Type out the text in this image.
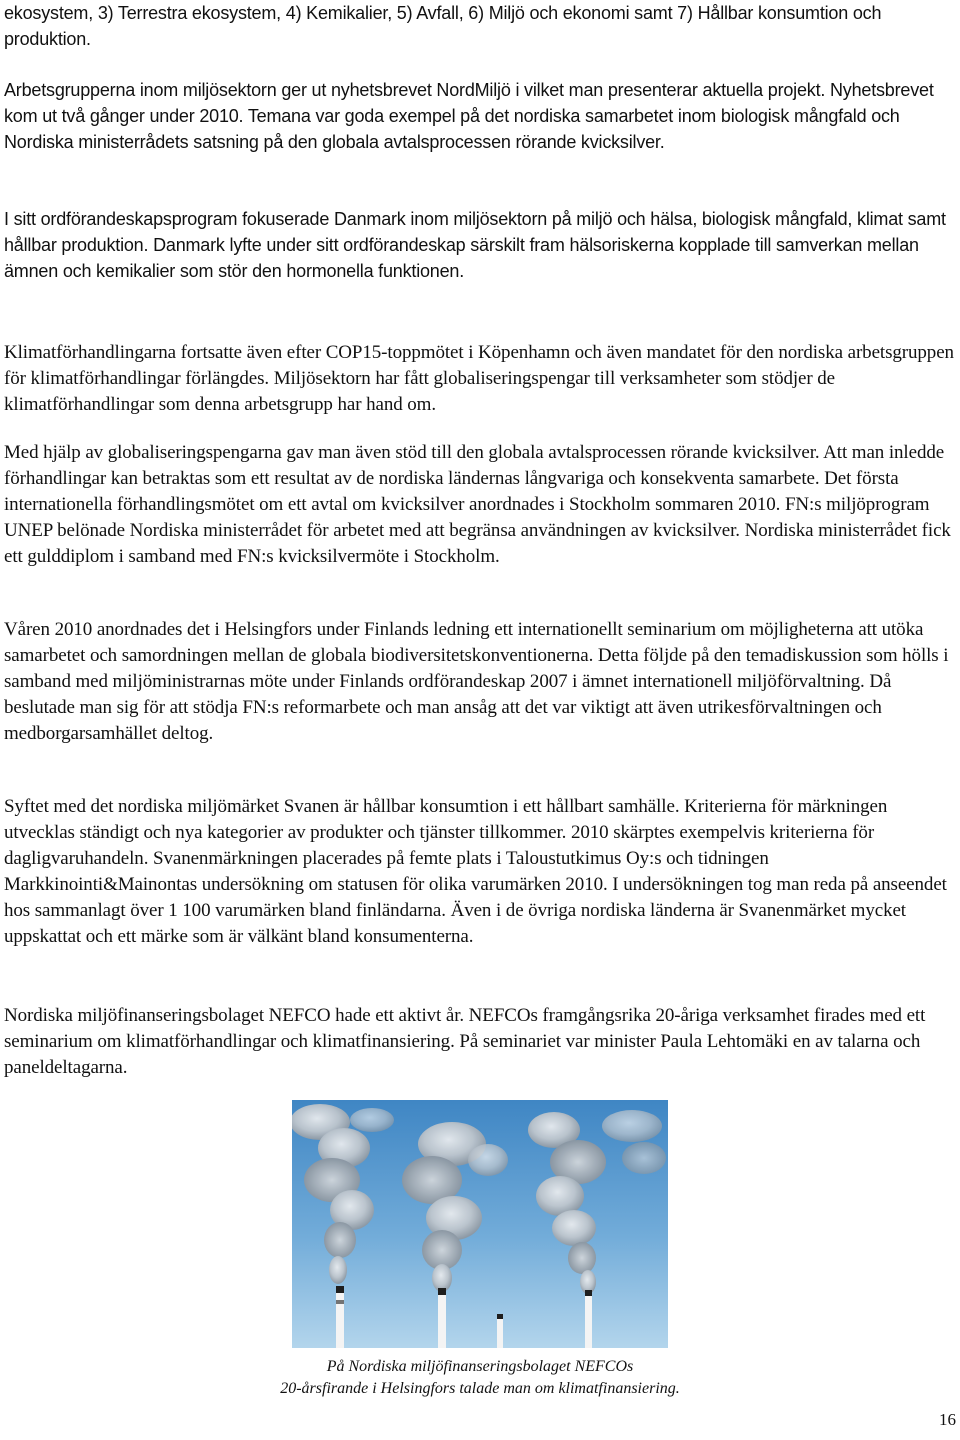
ekosystem, 3) Terrestra ekosystem, 4) Kemikalier, 5) Avfall, 6) Miljö och ekonomi samt 7) Hållbar konsumtion och produktion.

Arbetsgrupperna inom miljösektorn ger ut nyhetsbrevet NordMiljö i vilket man presenterar aktuella projekt. Nyhetsbrevet kom ut två gånger under 2010. Temana var goda exempel på det nordiska samarbetet inom biologisk mångfald och Nordiska ministerrådets satsning på den globala avtalsprocessen rörande kvicksilver.

I sitt ordförandeskapsprogram fokuserade Danmark inom miljösektorn på miljö och hälsa, biologisk mångfald, klimat samt hållbar produktion. Danmark lyfte under sitt ordförandeskap särskilt fram hälsoriskerna kopplade till samverkan mellan ämnen och kemikalier som stör den hormonella funktionen.

Klimatförhandlingarna fortsatte även efter COP15-toppmötet i Köpenhamn och även mandatet för den nordiska arbetsgruppen för klimatförhandlingar förlängdes. Miljösektorn har fått globaliseringspengar till verksamheter som stödjer de klimatförhandlingar som denna arbetsgrupp har hand om.

Med hjälp av globaliseringspengarna gav man även stöd till den globala avtalsprocessen rörande kvicksilver. Att man inledde förhandlingar kan betraktas som ett resultat av de nordiska ländernas långvariga och konsekventa samarbete. Det första internationella förhandlingsmötet om ett avtal om kvicksilver anordnades i Stockholm sommaren 2010. FN:s miljöprogram UNEP belönade Nordiska ministerrådet för arbetet med att begränsa användningen av kvicksilver. Nordiska ministerrådet fick ett gulddiplom i samband med FN:s kvicksilvermöte i Stockholm.

Våren 2010 anordnades det i Helsingfors under Finlands ledning ett internationellt seminarium om möjligheterna att utöka samarbetet och samordningen mellan de globala biodiversitetskonventionerna. Detta följde på den temadiskussion som hölls i samband med miljöministrarnas möte under Finlands ordförandeskap 2007 i ämnet internationell miljöförvaltning. Då beslutade man sig för att stödja FN:s reformarbete och man ansåg att det var viktigt att även utrikesförvaltningen och medborgarsamhället deltog.

Syftet med det nordiska miljömärket Svanen är hållbar konsumtion i ett hållbart samhälle. Kriterierna för märkningen utvecklas ständigt och nya kategorier av produkter och tjänster tillkommer. 2010 skärptes exempelvis kriterierna för dagligvaruhandeln. Svanenmärkningen placerades på femte plats i Taloustutkimus Oy:s och tidningen Markkinointi&Mainontas undersökning om statusen för olika varumärken 2010. I undersökningen tog man reda på anseendet hos sammanlagt över 1 100 varumärken bland finländarna. Även i de övriga nordiska länderna är Svanenmärket mycket uppskattat och ett märke som är välkänt bland konsumenterna.

Nordiska miljöfinanseringsbolaget NEFCO hade ett aktivt år. NEFCOs framgångsrika 20-åriga verksamhet firades med ett seminarium om klimatförhandlingar och klimatfinansiering. På seminariet var minister Paula Lehtomäki en av talarna och paneldeltagarna.

På Nordiska miljöfinanseringsbolaget NEFCOs
20-årsfirande i Helsingfors talade man om klimatfinansiering.
16
